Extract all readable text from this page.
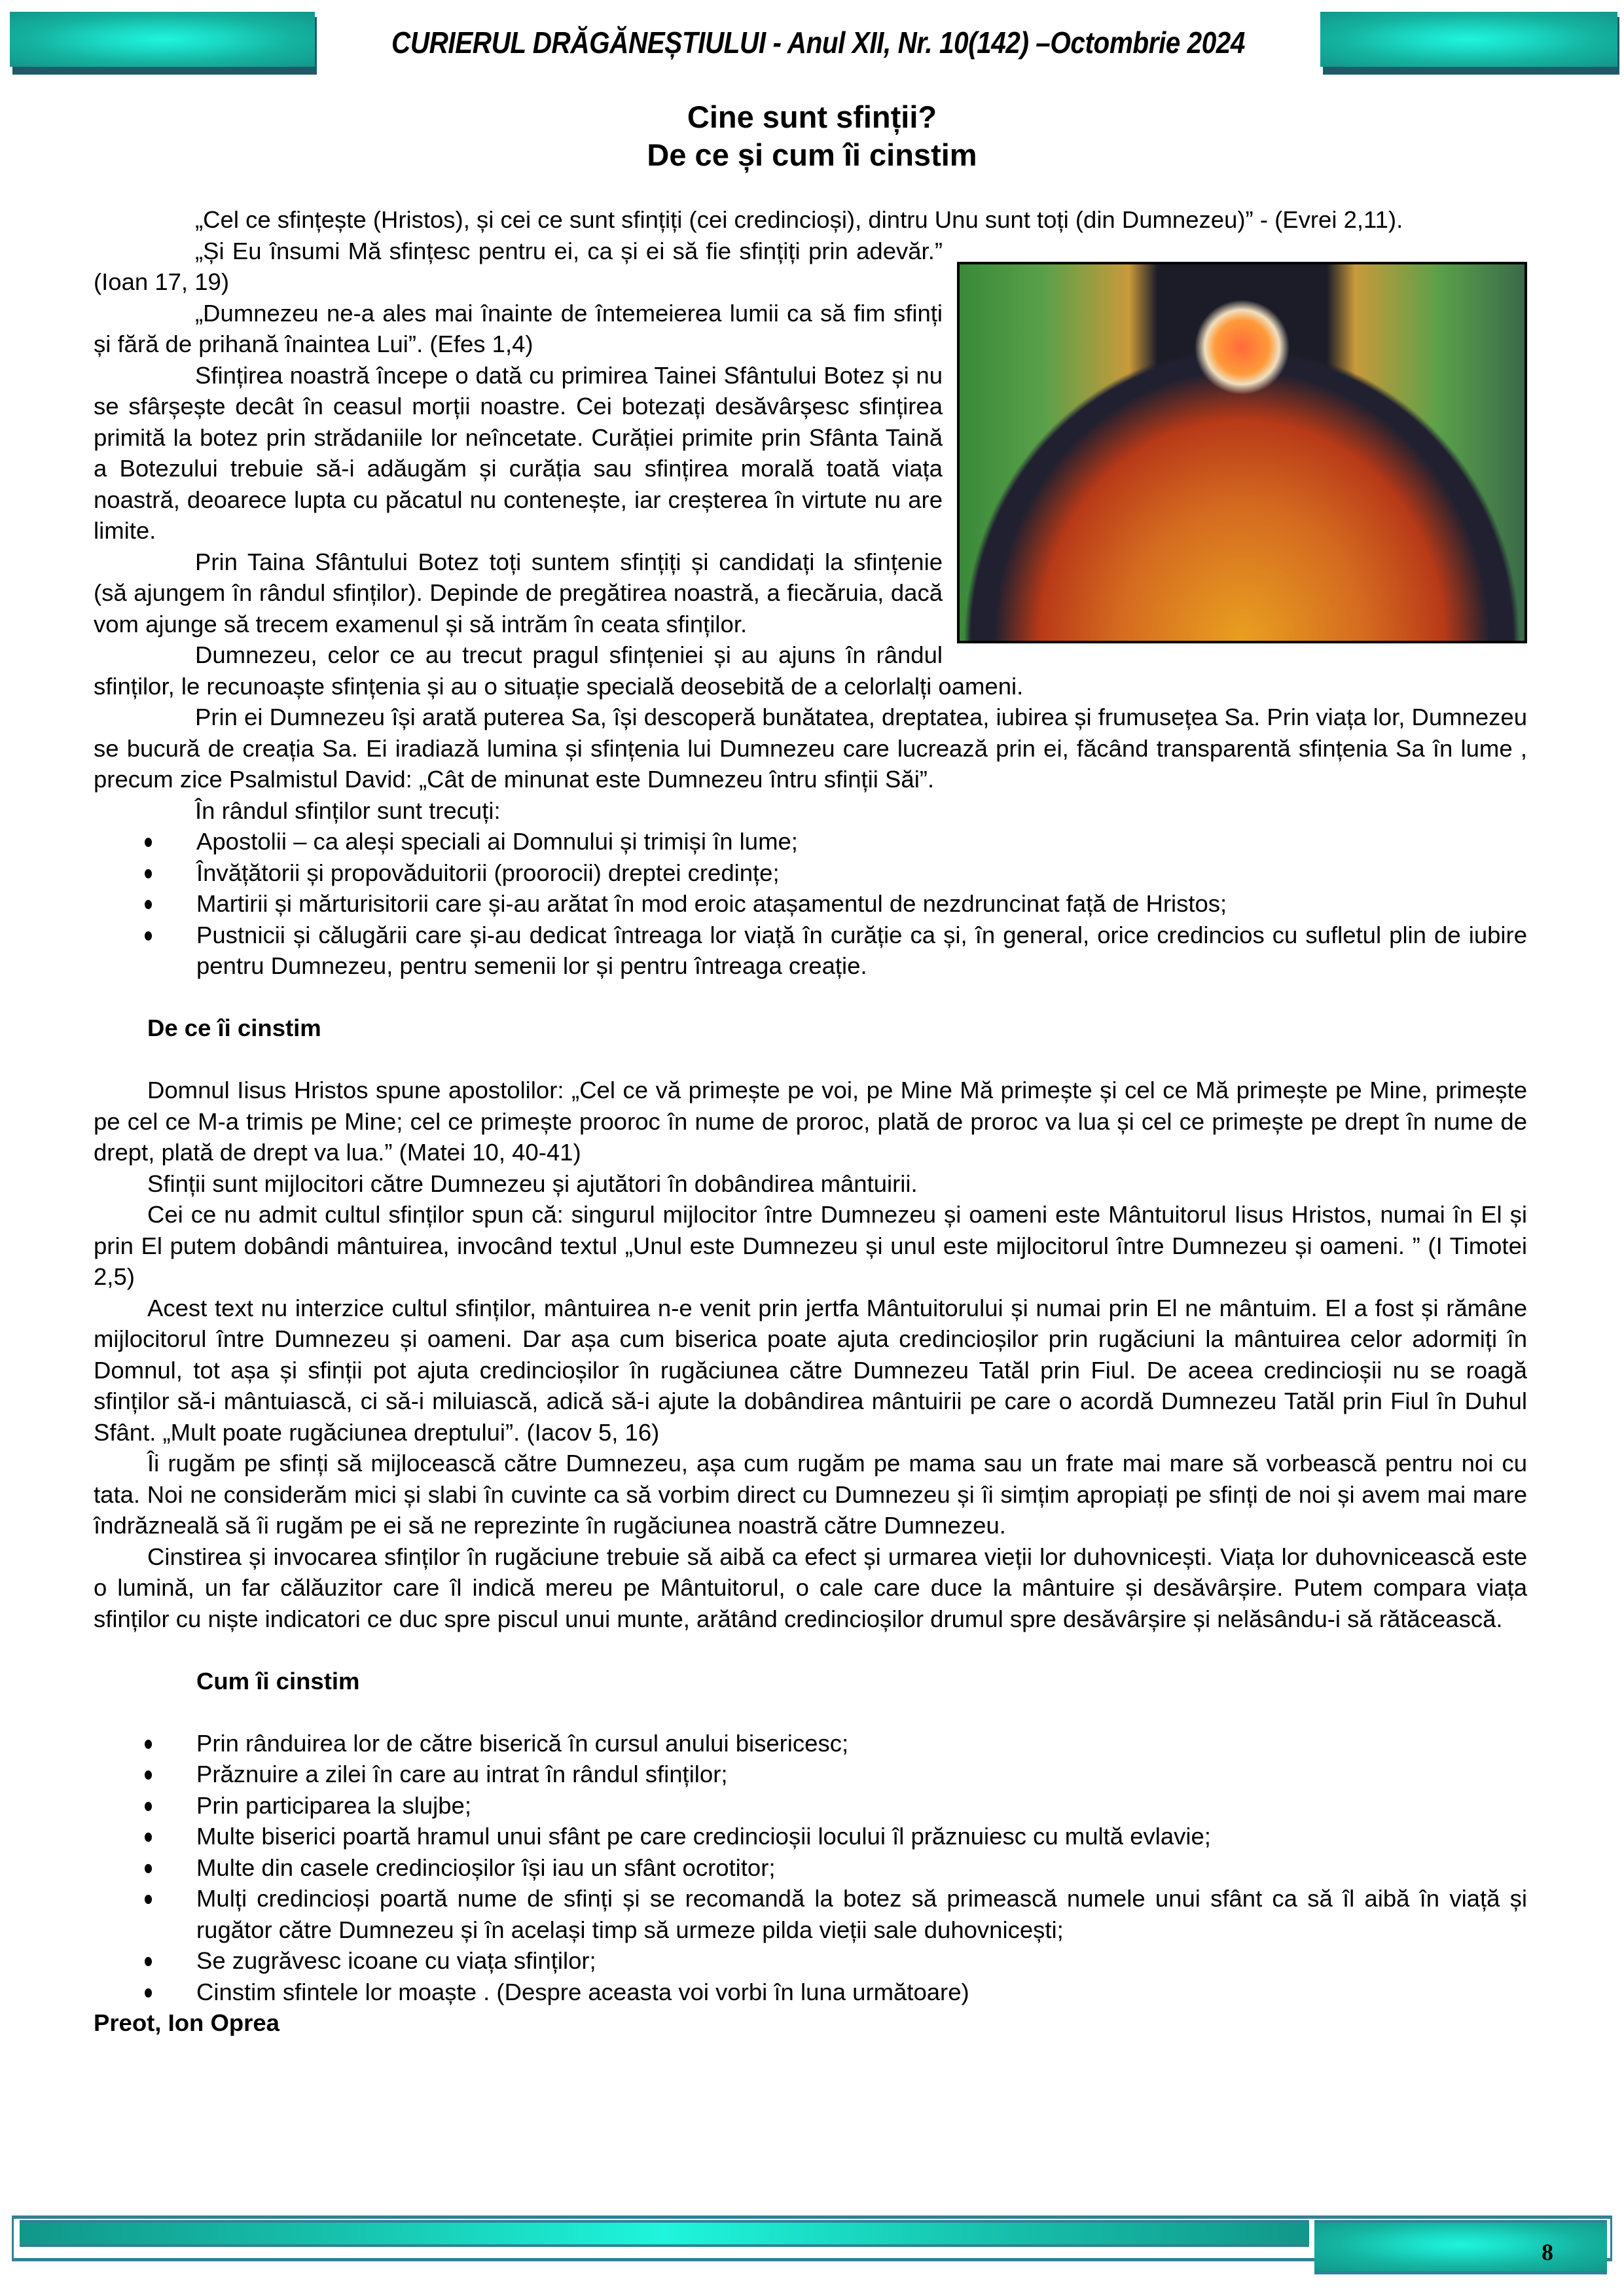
CURIERUL DRĂGĂNEȘTIULUI - Anul XII, Nr. 10(142) –Octombrie 2024
Cine sunt sfinții?
De ce și cum îi cinstim

„Cel ce sfințește (Hristos), și cei ce sunt sfințiți (cei credincioși), dintru Unu sunt toți (din Dumnezeu)” - (Evrei 2,11).

„Și Eu însumi Mă sfințesc pentru ei, ca și ei să fie sfințiți prin adevăr.” (Ioan 17, 19)

„Dumnezeu ne-a ales mai înainte de întemeierea lumii ca să fim sfinți și fără de prihană înaintea Lui”. (Efes 1,4)

Sfințirea noastră începe o dată cu primirea Tainei Sfântului Botez și nu se sfârșește decât în ceasul morții noastre. Cei botezați desăvârșesc sfințirea primită la botez prin strădaniile lor neîncetate. Curăției primite prin Sfânta Taină a Botezului trebuie să-i adăugăm și curăția sau sfințirea morală toată viața noastră, deoarece lupta cu păcatul nu contenește, iar creșterea în virtute nu are limite.

Prin Taina Sfântului Botez toți suntem sfințiți și candidați la sfințenie (să ajungem în rândul sfinților). Depinde de pregătirea noastră, a fiecăruia, dacă vom ajunge să trecem examenul și să intrăm în ceata sfinților.

Dumnezeu, celor ce au trecut pragul sfințeniei și au ajuns în rândul sfinților, le recunoaște sfințenia și au o situație specială deosebită de a celorlalți oameni.

Prin ei Dumnezeu își arată puterea Sa, își descoperă bunătatea, dreptatea, iubirea și frumusețea Sa. Prin viața lor, Dumnezeu se bucură de creația Sa. Ei iradiază lumina și sfințenia lui Dumnezeu care lucrează prin ei, făcând transparentă sfințenia Sa în lume , precum zice Psalmistul David: „Cât de minunat este Dumnezeu întru sfinții Săi”.

În rândul sfinților sunt trecuți:

Apostolii – ca aleși speciali ai Domnului și trimiși în lume;
Învățătorii și propovăduitorii (proorocii) dreptei credințe;
Martirii și mărturisitorii care și-au arătat în mod eroic atașamentul de nezdruncinat față de Hristos;
Pustnicii și călugării care și-au dedicat întreaga lor viață în curăție ca și, în general, orice credincios cu sufletul plin de iubire pentru Dumnezeu, pentru semenii lor și pentru întreaga creație.

De ce îi cinstim

Domnul Iisus Hristos spune apostolilor: „Cel ce vă primește pe voi, pe Mine Mă primește și cel ce Mă primește pe Mine, primește pe cel ce M-a trimis pe Mine; cel ce primește prooroc în nume de proroc, plată de proroc va lua și cel ce primește pe drept în nume de drept, plată de drept va lua.” (Matei 10, 40-41)

Sfinții sunt mijlocitori către Dumnezeu și ajutători în dobândirea mântuirii.

Cei ce nu admit cultul sfinților spun că: singurul mijlocitor între Dumnezeu și oameni este Mântuitorul Iisus Hristos, numai în El și prin El putem dobândi mântuirea, invocând textul „Unul este Dumnezeu și unul este mijlocitorul între Dumnezeu și oameni. ” (I Timotei 2,5)

Acest text nu interzice cultul sfinților, mântuirea n-e venit prin jertfa Mântuitorului și numai prin El ne mântuim. El a fost și rămâne mijlocitorul între Dumnezeu și oameni. Dar așa cum biserica poate ajuta credincioșilor prin rugăciuni la mântuirea celor adormiți în Domnul, tot așa și sfinții pot ajuta credincioșilor în rugăciunea către Dumnezeu Tatăl prin Fiul. De aceea credincioșii nu se roagă sfinților să-i mântuiască, ci să-i miluiască, adică să-i ajute la dobândirea mântuirii pe care o acordă Dumnezeu Tatăl prin Fiul în Duhul Sfânt. „Mult poate rugăciunea dreptului”. (Iacov 5, 16)

Îi rugăm pe sfinți să mijlocească către Dumnezeu, așa cum rugăm pe mama sau un frate mai mare să vorbească pentru noi cu tata. Noi ne considerăm mici și slabi în cuvinte ca să vorbim direct cu Dumnezeu și îi simțim apropiați pe sfinți de noi și avem mai mare îndrăzneală să îi rugăm pe ei să ne reprezinte în rugăciunea noastră către Dumnezeu.

Cinstirea și invocarea sfinților în rugăciune trebuie să aibă ca efect și urmarea vieții lor duhovnicești. Viața lor duhovnicească este o lumină, un far călăuzitor care îl indică mereu pe Mântuitorul, o cale care duce la mântuire și desăvârșire. Putem compara viața sfinților cu niște indicatori ce duc spre piscul unui munte, arătând credincioșilor drumul spre desăvârșire și nelăsându-i să rătăcească.

Cum îi cinstim

Prin rânduirea lor de către biserică în cursul anului bisericesc;
Prăznuire a zilei în care au intrat în rândul sfinților;
Prin participarea la slujbe;
Multe biserici poartă hramul unui sfânt pe care credincioșii locului îl prăznuiesc cu multă evlavie;
Multe din casele credincioșilor își iau un sfânt ocrotitor;
Mulți credincioși poartă nume de sfinți și se recomandă la botez să primească numele unui sfânt ca să îl aibă în viață și rugător către Dumnezeu și în același timp să urmeze pilda vieții sale duhovnicești;
Se zugrăvesc icoane cu viața sfinților;
Cinstim sfintele lor moaște . (Despre aceasta voi vorbi în luna următoare)

Preot, Ion Oprea

8
